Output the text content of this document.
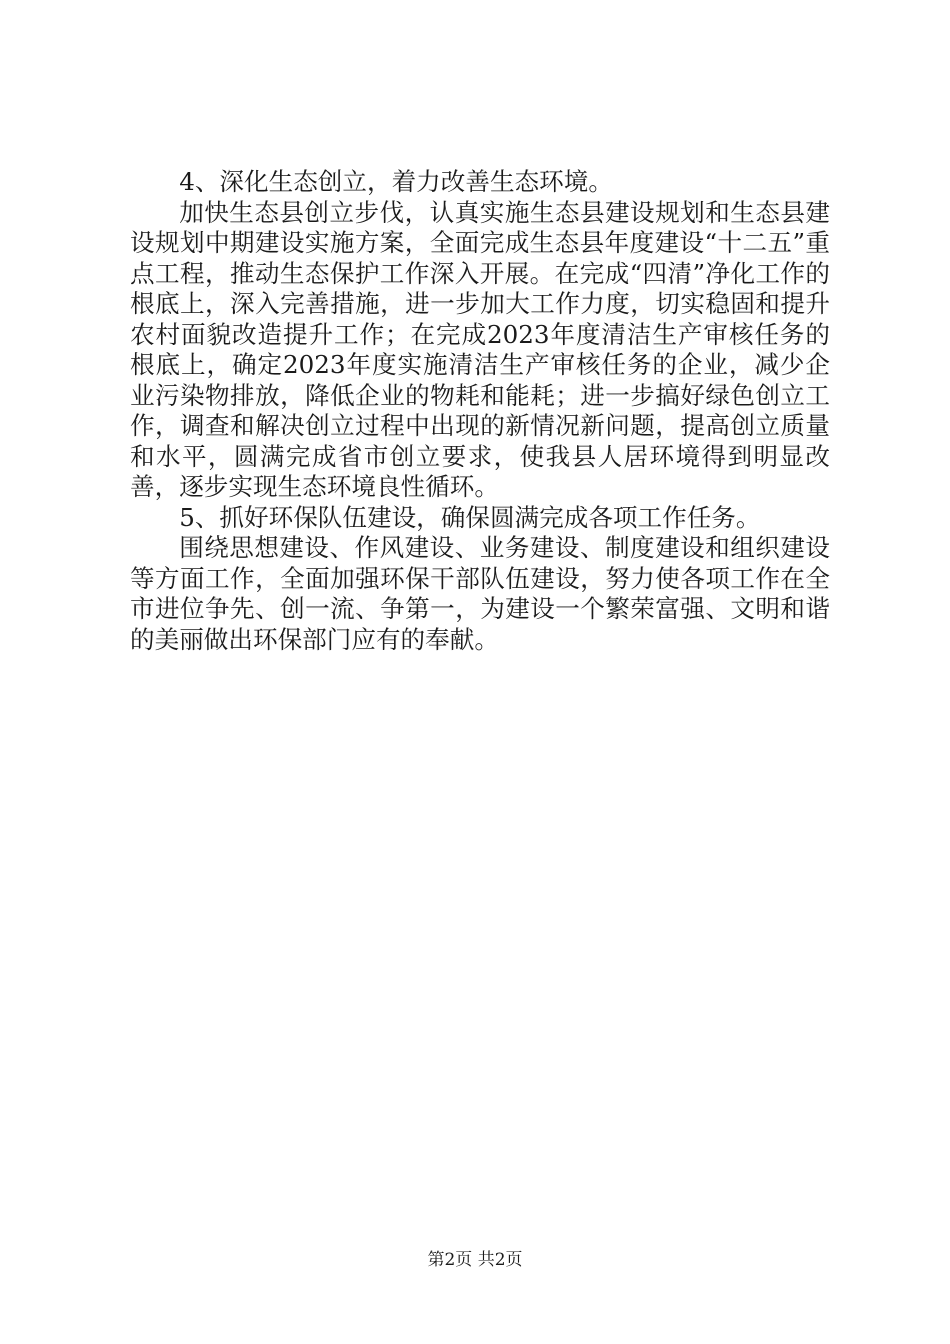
4、深化生态创立，着力改善生态环境。

加快生态县创立步伐，认真实施生态县建设规划和生态县建设规划中期建设实施方案，全面完成生态县年度建设“十二五”重点工程，推动生态保护工作深入开展。在完成“四清”净化工作的根底上，深入完善措施，进一步加大工作力度，切实稳固和提升农村面貌改造提升工作；在完成2023年度清洁生产审核任务的根底上，确定2023年度实施清洁生产审核任务的企业，减少企业污染物排放，降低企业的物耗和能耗；进一步搞好绿色创立工作，调查和解决创立过程中出现的新情况新问题，提高创立质量和水平，圆满完成省市创立要求，使我县人居环境得到明显改善，逐步实现生态环境良性循环。

5、抓好环保队伍建设，确保圆满完成各项工作任务。

围绕思想建设、作风建设、业务建设、制度建设和组织建设等方面工作，全面加强环保干部队伍建设，努力使各项工作在全市进位争先、创一流、争第一，为建设一个繁荣富强、文明和谐的美丽做出环保部门应有的奉献。

第2页 共2页
